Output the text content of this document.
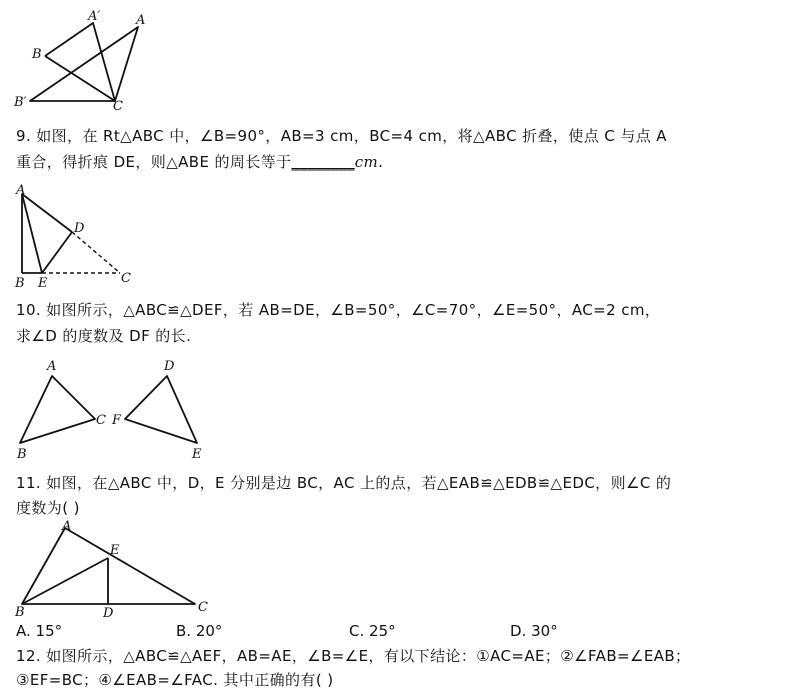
A′	A
B
B′	C
9. 如图，在 Rt△ABC 中，∠B=90°，AB=3 cm，BC=4 cm，将△ABC 折叠，使点 C 与点 A
重合，得折痕 DE，则△ABE 的周长等于________cm.
A
D
B E	C
10. 如图所示，△ABC≌△DEF，若 AB=DE，∠B=50°，∠C=70°，∠E=50°，AC=2 cm，
求∠D 的度数及 DF 的长.
A
B
C F
D
E
11. 如图，在△ABC 中，D，E 分别是边 BC，AC 上的点，若△EAB≌△EDB≌△EDC，则∠C 的
度数为( )
A
E
B	D	C
A. 15°	B. 20°	C. 25°	D. 30°
12. 如图所示，△ABC≌△AEF，AB=AE，∠B=∠E，有以下结论：①AC=AE；②∠FAB=∠EAB；
③EF=BC；④∠EAB=∠FAC. 其中正确的有( )
